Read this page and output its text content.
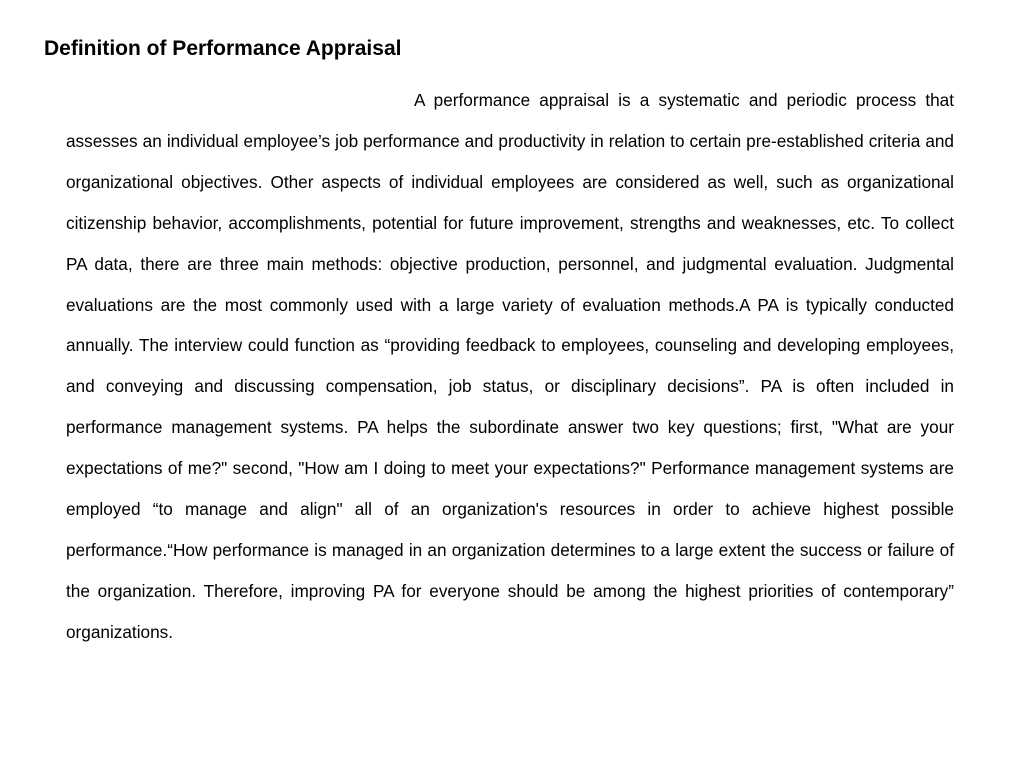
Definition of Performance Appraisal

A performance appraisal is a systematic and periodic process that assesses an individual employee’s job performance and productivity in relation to certain pre-established criteria and organizational objectives. Other aspects of individual employees are considered as well, such as organizational citizenship behavior, accomplishments, potential for future improvement, strengths and weaknesses, etc. To collect PA data, there are three main methods: objective production, personnel, and judgmental evaluation. Judgmental evaluations are the most commonly used with a large variety of evaluation methods.A PA is typically conducted annually. The interview could function as “providing feedback to employees, counseling and developing employees, and conveying and discussing compensation, job status, or disciplinary decisions”. PA is often included in performance management systems. PA helps the subordinate answer two key questions; first, "What are your expectations of me?" second, "How am I doing to meet your expectations?" Performance management systems are employed “to manage and align" all of an organization's resources in order to achieve highest possible performance.“How performance is managed in an organization determines to a large extent the success or failure of the organization. Therefore, improving PA for everyone should be among the highest priorities of contemporary” organizations.
